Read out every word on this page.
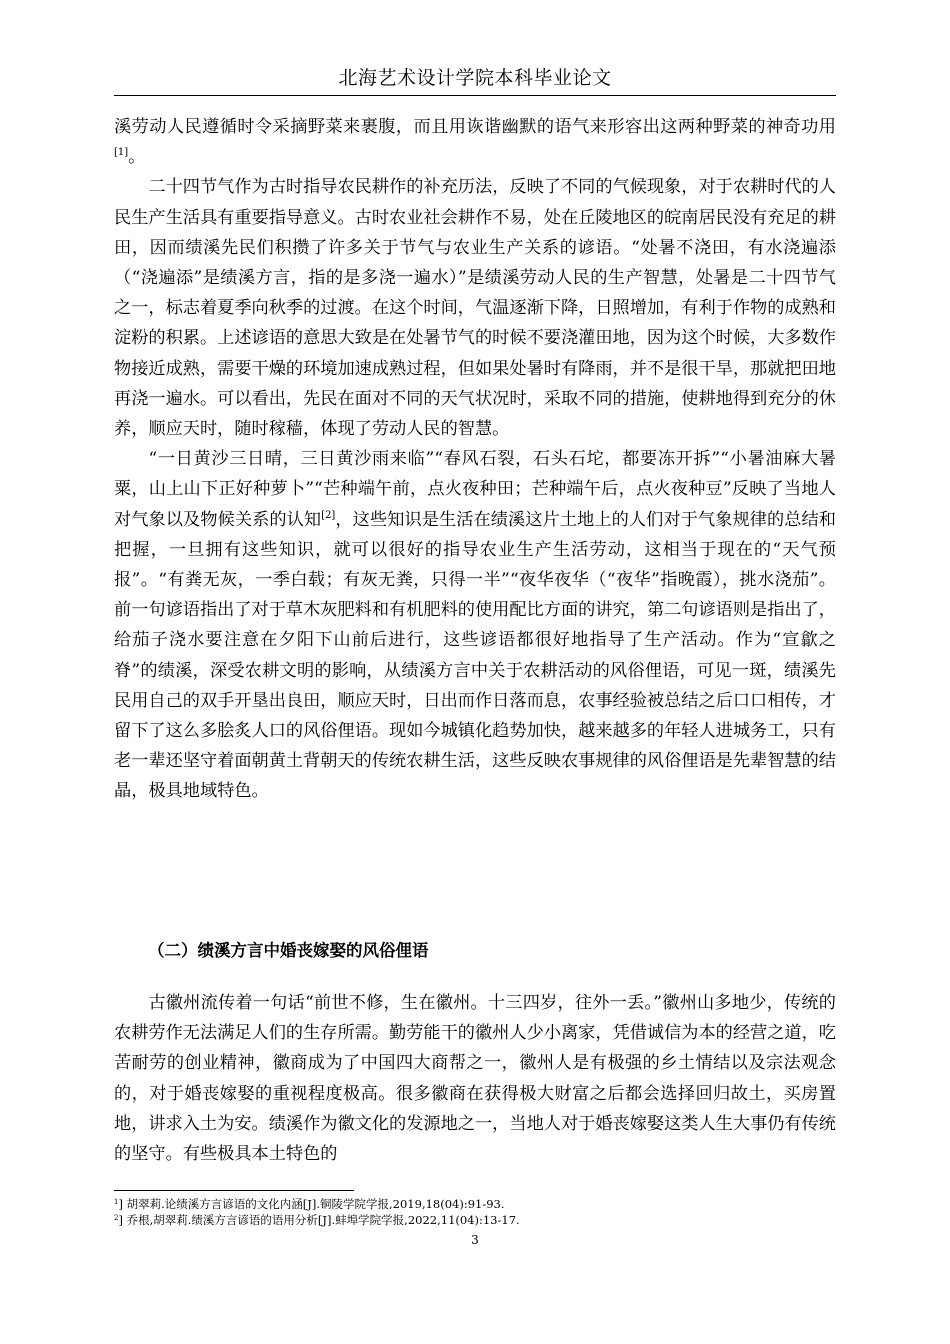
北海艺术设计学院本科毕业论文

溪劳动人民遵循时令采摘野菜来裹腹，而且用诙谐幽默的语气来形容出这两种野菜的神奇功用[1]。

二十四节气作为古时指导农民耕作的补充历法，反映了不同的气候现象，对于农耕时代的人民生产生活具有重要指导意义。古时农业社会耕作不易，处在丘陵地区的皖南居民没有充足的耕田，因而绩溪先民们积攒了许多关于节气与农业生产关系的谚语。“处暑不浇田，有水浇遍添（“浇遍添”是绩溪方言，指的是多浇一遍水）”是绩溪劳动人民的生产智慧，处暑是二十四节气之一，标志着夏季向秋季的过渡。在这个时间，气温逐渐下降，日照增加，有利于作物的成熟和淀粉的积累。上述谚语的意思大致是在处暑节气的时候不要浇灌田地，因为这个时候，大多数作物接近成熟，需要干燥的环境加速成熟过程，但如果处暑时有降雨，并不是很干旱，那就把田地再浇一遍水。可以看出，先民在面对不同的天气状况时，采取不同的措施，使耕地得到充分的休养，顺应天时，随时稼穑，体现了劳动人民的智慧。

“一日黄沙三日晴，三日黄沙雨来临”“春风石裂，石头石坨，都要冻开拆”“小暑油麻大暑粟，山上山下正好种萝卜”“芒种端午前，点火夜种田；芒种端午后，点火夜种豆”反映了当地人对气象以及物候关系的认知[2]，这些知识是生活在绩溪这片土地上的人们对于气象规律的总结和把握，一旦拥有这些知识，就可以很好的指导农业生产生活劳动，这相当于现在的“天气预报”。“有粪无灰，一季白载；有灰无粪，只得一半”“夜华夜华（“夜华”指晚霞），挑水浇茄”。前一句谚语指出了对于草木灰肥料和有机肥料的使用配比方面的讲究，第二句谚语则是指出了，给茄子浇水要注意在夕阳下山前后进行，这些谚语都很好地指导了生产活动。作为“宣歙之脊”的绩溪，深受农耕文明的影响，从绩溪方言中关于农耕活动的风俗俚语，可见一斑，绩溪先民用自己的双手开垦出良田，顺应天时，日出而作日落而息，农事经验被总结之后口口相传，才留下了这么多脍炙人口的风俗俚语。现如今城镇化趋势加快，越来越多的年轻人进城务工，只有老一辈还坚守着面朝黄土背朝天的传统农耕生活，这些反映农事规律的风俗俚语是先辈智慧的结晶，极具地域特色。

（二）绩溪方言中婚丧嫁娶的风俗俚语

古徽州流传着一句话“前世不修，生在徽州。十三四岁，往外一丢。”徽州山多地少，传统的农耕劳作无法满足人们的生存所需。勤劳能干的徽州人少小离家，凭借诚信为本的经营之道，吃苦耐劳的创业精神，徽商成为了中国四大商帮之一，徽州人是有极强的乡土情结以及宗法观念的，对于婚丧嫁娶的重视程度极高。很多徽商在获得极大财富之后都会选择回归故土，买房置地，讲求入土为安。绩溪作为徽文化的发源地之一，当地人对于婚丧嫁娶这类人生大事仍有传统的坚守。有些极具本土特色的

$^1$] 胡翠莉.论绩溪方言谚语的文化内涵[J].铜陵学院学报,2019,18(04):91-93.

$^2$] 乔根,胡翠莉.绩溪方言谚语的语用分析[J].蚌埠学院学报,2022,11(04):13-17.

3
